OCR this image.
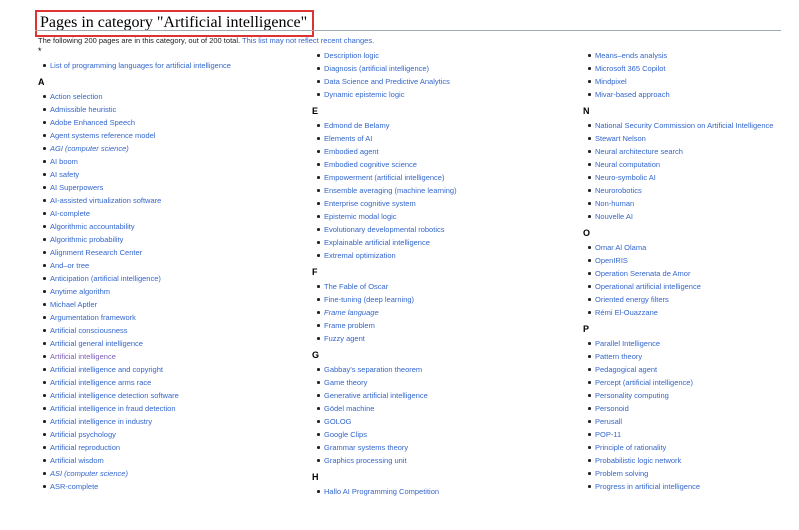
Pages in category "Artificial intelligence"
The following 200 pages are in this category, out of 200 total. This list may not reflect recent changes.
*
List of programming languages for artificial intelligence
A
Action selection
Admissible heuristic
Adobe Enhanced Speech
Agent systems reference model
AGI (computer science)
AI boom
AI safety
AI Superpowers
AI-assisted virtualization software
AI-complete
Algorithmic accountability
Algorithmic probability
Alignment Research Center
And–or tree
Anticipation (artificial intelligence)
Anytime algorithm
Michael Aptler
Argumentation framework
Artificial consciousness
Artificial general intelligence
Artificial intelligence
Artificial intelligence and copyright
Artificial intelligence arms race
Artificial intelligence detection software
Artificial intelligence in fraud detection
Artificial intelligence in industry
Artificial psychology
Artificial reproduction
Artificial wisdom
ASI (computer science)
ASR-complete
Description logic
Diagnosis (artificial intelligence)
Data Science and Predictive Analytics
Dynamic epistemic logic
E
Edmond de Belamy
Elements of AI
Embodied agent
Embodied cognitive science
Empowerment (artificial intelligence)
Ensemble averaging (machine learning)
Enterprise cognitive system
Epistemic modal logic
Evolutionary developmental robotics
Explainable artificial intelligence
Extremal optimization
F
The Fable of Oscar
Fine-tuning (deep learning)
Frame language
Frame problem
Fuzzy agent
G
Gabbay's separation theorem
Game theory
Generative artificial intelligence
Gödel machine
GOLOG
Google Clips
Grammar systems theory
Graphics processing unit
H
Hallo AI Programming Competition
Means–ends analysis
Microsoft 365 Copilot
Mindpixel
Mivar-based approach
N
National Security Commission on Artificial Intelligence
Stewart Nelson
Neural architecture search
Neural computation
Neuro-symbolic AI
Neurorobotics
Non-human
Nouvelle AI
O
Omar Al Olama
OpenIRIS
Operation Serenata de Amor
Operational artificial intelligence
Oriented energy filters
Rémi El-Ouazzane
P
Parallel Intelligence
Pattern theory
Pedagogical agent
Percept (artificial intelligence)
Personality computing
Personoid
Perusall
POP-11
Principle of rationality
Probabilistic logic network
Problem solving
Progress in artificial intelligence
